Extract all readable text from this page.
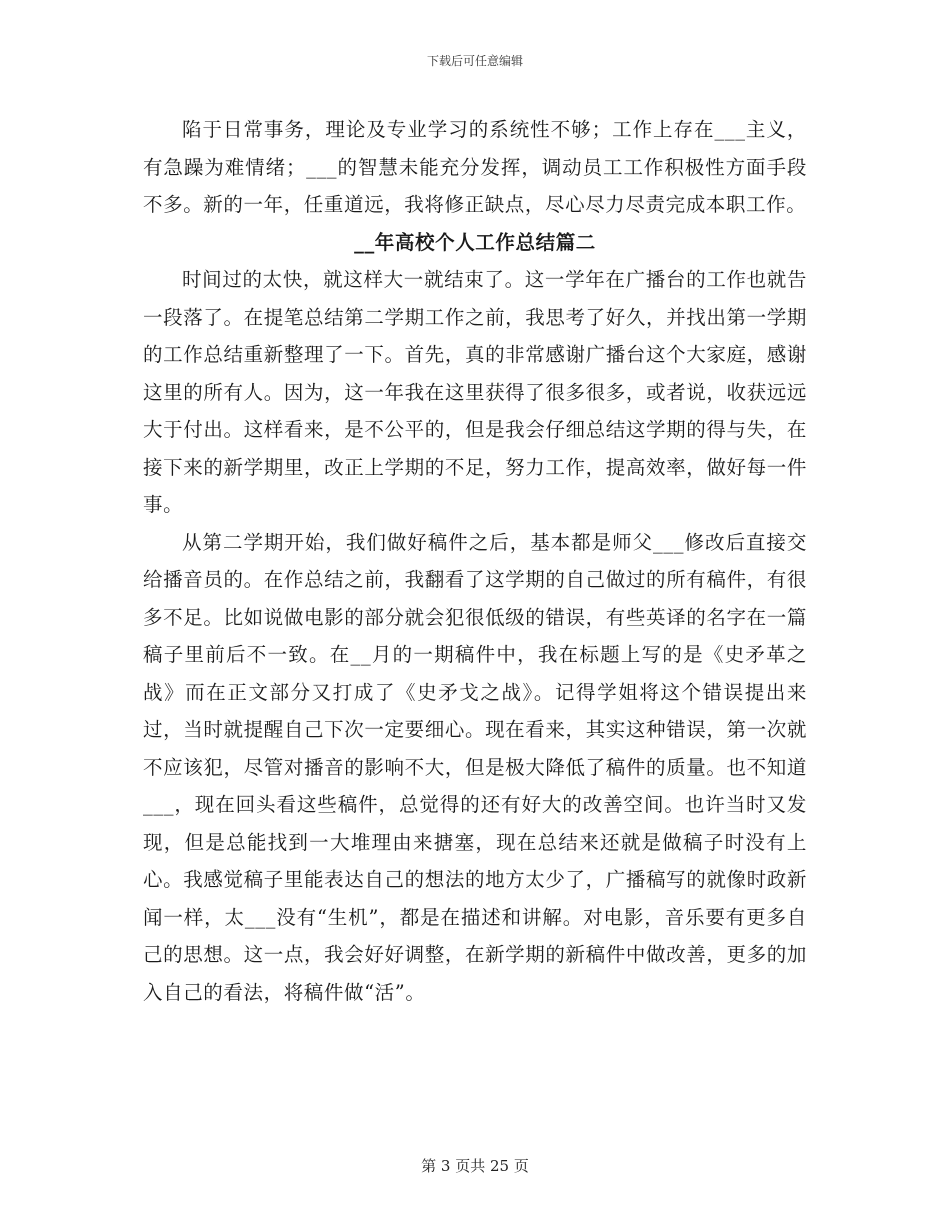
下载后可任意编辑

陷于日常事务，理论及专业学习的系统性不够；工作上存在___主义，有急躁为难情绪；___的智慧未能充分发挥，调动员工工作积极性方面手段不多。新的一年，任重道远，我将修正缺点，尽心尽力尽责完成本职工作。

__年高校个人工作总结篇二

时间过的太快，就这样大一就结束了。这一学年在广播台的工作也就告一段落了。在提笔总结第二学期工作之前，我思考了好久，并找出第一学期的工作总结重新整理了一下。首先，真的非常感谢广播台这个大家庭，感谢这里的所有人。因为，这一年我在这里获得了很多很多，或者说，收获远远大于付出。这样看来，是不公平的，但是我会仔细总结这学期的得与失，在接下来的新学期里，改正上学期的不足，努力工作，提高效率，做好每一件事。

从第二学期开始，我们做好稿件之后，基本都是师父___修改后直接交给播音员的。在作总结之前，我翻看了这学期的自己做过的所有稿件，有很多不足。比如说做电影的部分就会犯很低级的错误，有些英译的名字在一篇稿子里前后不一致。在__月的一期稿件中，我在标题上写的是《史矛革之战》而在正文部分又打成了《史矛戈之战》。记得学姐将这个错误提出来过，当时就提醒自己下次一定要细心。现在看来，其实这种错误，第一次就不应该犯，尽管对播音的影响不大，但是极大降低了稿件的质量。也不知道___，现在回头看这些稿件，总觉得的还有好大的改善空间。也许当时又发现，但是总能找到一大堆理由来搪塞，现在总结来还就是做稿子时没有上心。我感觉稿子里能表达自己的想法的地方太少了，广播稿写的就像时政新闻一样，太___没有“生机”，都是在描述和讲解。对电影，音乐要有更多自己的思想。这一点，我会好好调整，在新学期的新稿件中做改善，更多的加入自己的看法，将稿件做“活”。

第 3 页共 25 页
